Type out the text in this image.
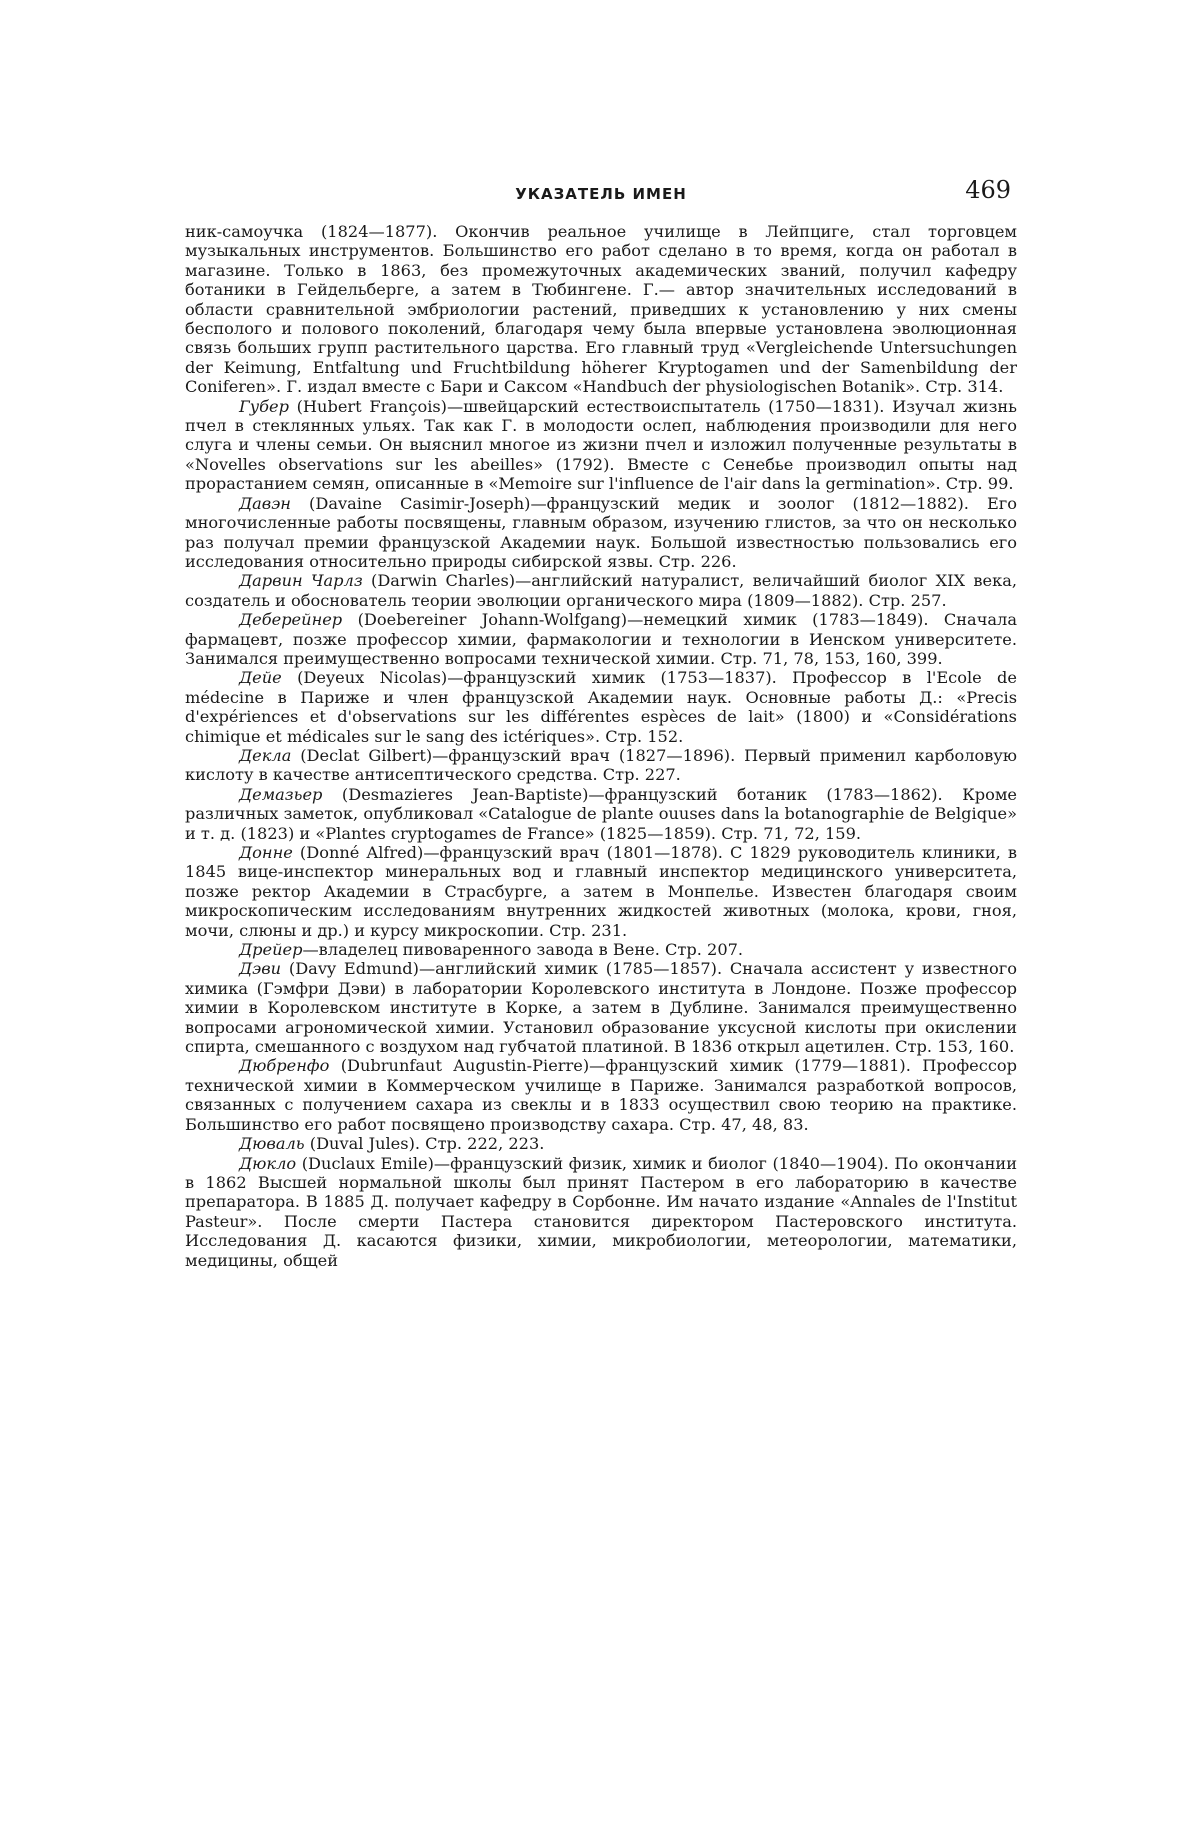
УКАЗАТЕЛЬ ИМЕН	469

ник-самоучка (1824—1877). Окончив реальное училище в Лейпциге, стал торговцем музыкальных инструментов. Большинство его работ сделано в то время, когда он работал в магазине. Только в 1863, без промежуточных академических званий, получил кафедру ботаники в Гейдельберге, а затем в Тюбингене. Г.— автор значительных исследований в области сравнительной эмбриологии растений, приведших к установлению у них смены бесполого и полового поколений, благодаря чему была впервые установлена эволюционная связь больших групп растительного царства. Его главный труд «Vergleichende Untersuchungen der Keimung, Entfaltung und Fruchtbildung höherer Kryptogamen und der Samenbildung der Coniferen». Г. издал вместе с Бари и Саксом «Handbuch der physiologischen Botanik». Стр. 314.

Губер (Hubert François)—швейцарский естествоиспытатель (1750—1831). Изучал жизнь пчел в стеклянных ульях. Так как Г. в молодости ослеп, наблюдения производили для него слуга и члены семьи. Он выяснил многое из жизни пчел и изложил полученные результаты в «Novelles observations sur les abeilles» (1792). Вместе с Сенебье производил опыты над прорастанием семян, описанные в «Memoire sur l'influence de l'air dans la germination». Стр. 99.

Давэн (Davaine Casimir-Joseph)—французский медик и зоолог (1812—1882). Его многочисленные работы посвящены, главным образом, изучению глистов, за что он несколько раз получал премии французской Академии наук. Большой известностью пользовались его исследования относительно природы сибирской язвы. Стр. 226.

Дарвин Чарлз (Darwin Charles)—английский натуралист, величайший биолог XIX века, создатель и обоснователь теории эволюции органического мира (1809—1882). Стр. 257.

Деберейнер (Doebereiner Johann-Wolfgang)—немецкий химик (1783—1849). Сначала фармацевт, позже профессор химии, фармакологии и технологии в Иенском университете. Занимался преимущественно вопросами технической химии. Стр. 71, 78, 153, 160, 399.

Дейе (Deyeux Nicolas)—французский химик (1753—1837). Профессор в l'Ecole de médecine в Париже и член французской Академии наук. Основные работы Д.: «Precis d'expériences et d'observations sur les différentes espèces de lait» (1800) и «Considérations chimique et médicales sur le sang des ictériques». Стр. 152.

Декла (Declat Gilbert)—французский врач (1827—1896). Первый применил карболовую кислоту в качестве антисептического средства. Стр. 227.

Демазьер (Desmazieres Jean-Baptiste)—французский ботаник (1783—1862). Кроме различных заметок, опубликовал «Catalogue de plante ouuses dans la botanographie de Belgique» и т. д. (1823) и «Plantes cryptogames de France» (1825—1859). Стр. 71, 72, 159.

Донне (Donné Alfred)—французский врач (1801—1878). С 1829 руководитель клиники, в 1845 вице-инспектор минеральных вод и главный инспектор медицинского университета, позже ректор Академии в Страсбурге, а затем в Монпелье. Известен благодаря своим микроскопическим исследованиям внутренних жидкостей животных (молока, крови, гноя, мочи, слюны и др.) и курсу микроскопии. Стр. 231.

Дрейер—владелец пивоваренного завода в Вене. Стр. 207.

Дэви (Davy Edmund)—английский химик (1785—1857). Сначала ассистент у известного химика (Гэмфри Дэви) в лаборатории Королевского института в Лондоне. Позже профессор химии в Королевском институте в Корке, а затем в Дублине. Занимался преимущественно вопросами агрономической химии. Установил образование уксусной кислоты при окислении спирта, смешанного с воздухом над губчатой платиной. В 1836 открыл ацетилен. Стр. 153, 160.

Дюбренфо (Dubrunfaut Augustin-Pierre)—французский химик (1779—1881). Профессор технической химии в Коммерческом училище в Париже. Занимался разработкой вопросов, связанных с получением сахара из свеклы и в 1833 осуществил свою теорию на практике. Большинство его работ посвящено производству сахара. Стр. 47, 48, 83.

Дюваль (Duval Jules). Стр. 222, 223.

Дюкло (Duclaux Emile)—французский физик, химик и биолог (1840—1904). По окончании в 1862 Высшей нормальной школы был принят Пастером в его лабораторию в качестве препаратора. В 1885 Д. получает кафедру в Сорбонне. Им начато издание «Annales de l'Institut Pasteur». После смерти Пастера становится директором Пастеровского института. Исследования Д. касаются физики, химии, микробиологии, метеорологии, математики, медицины, общей
